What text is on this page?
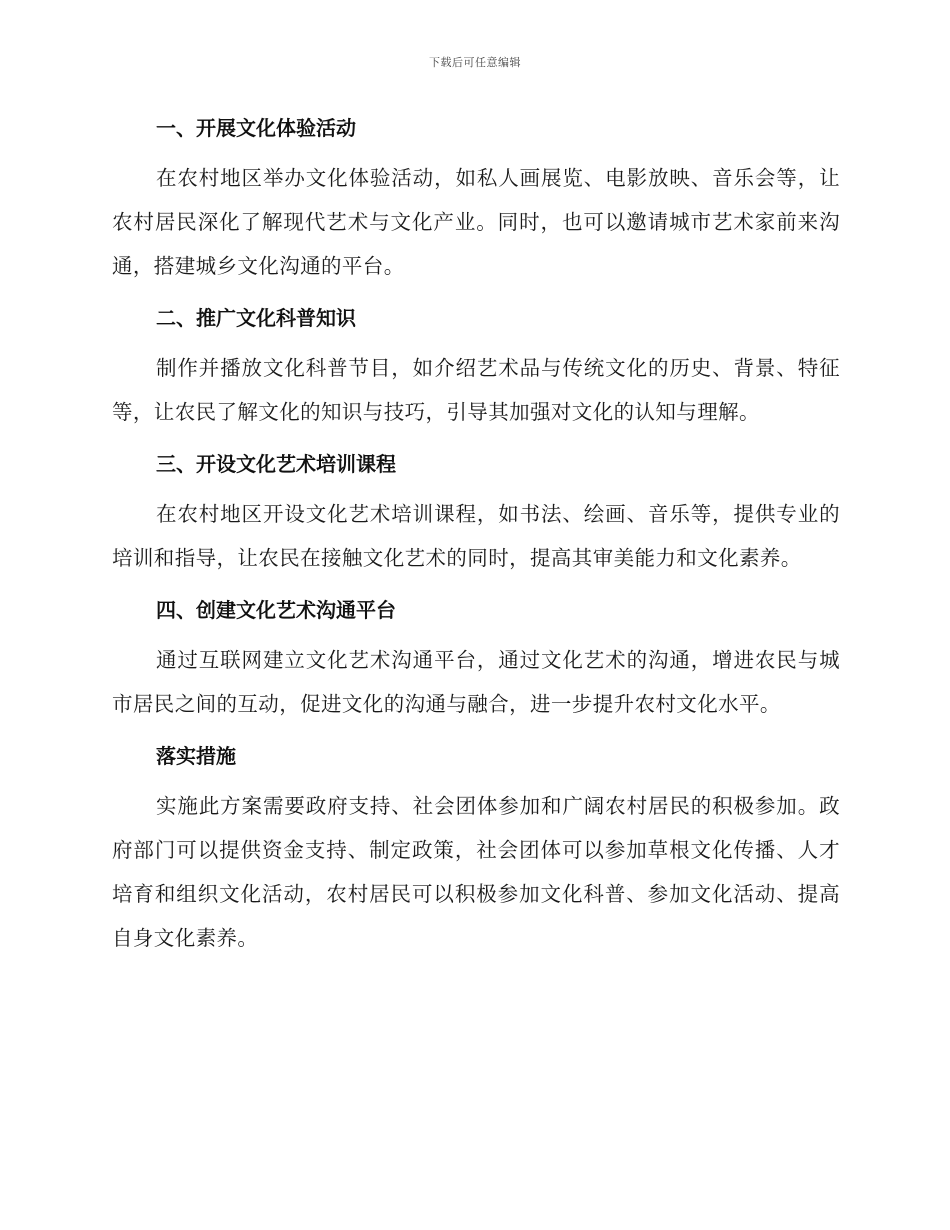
下载后可任意编辑
一、开展文化体验活动

在农村地区举办文化体验活动，如私人画展览、电影放映、音乐会等，让农村居民深化了解现代艺术与文化产业。同时，也可以邀请城市艺术家前来沟通，搭建城乡文化沟通的平台。

二、推广文化科普知识

制作并播放文化科普节目，如介绍艺术品与传统文化的历史、背景、特征等，让农民了解文化的知识与技巧，引导其加强对文化的认知与理解。

三、开设文化艺术培训课程

在农村地区开设文化艺术培训课程，如书法、绘画、音乐等，提供专业的培训和指导，让农民在接触文化艺术的同时，提高其审美能力和文化素养。

四、创建文化艺术沟通平台

通过互联网建立文化艺术沟通平台，通过文化艺术的沟通，增进农民与城市居民之间的互动，促进文化的沟通与融合，进一步提升农村文化水平。

落实措施

实施此方案需要政府支持、社会团体参加和广阔农村居民的积极参加。政府部门可以提供资金支持、制定政策，社会团体可以参加草根文化传播、人才培育和组织文化活动，农村居民可以积极参加文化科普、参加文化活动、提高自身文化素养。
